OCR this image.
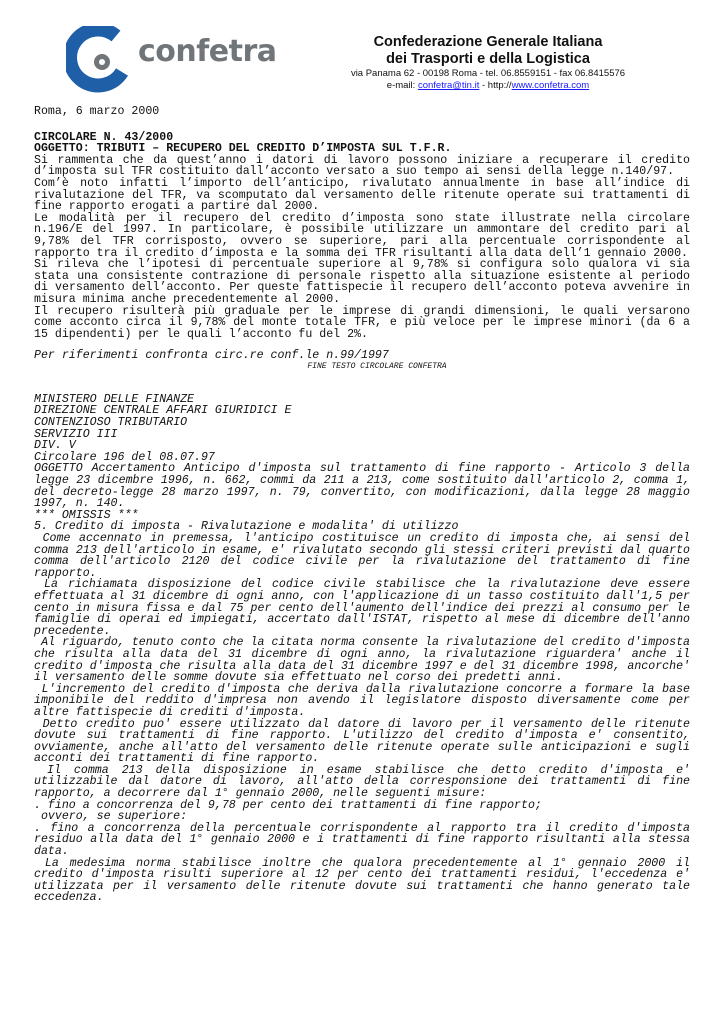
confetra	Confederazione Generale Italiana
dei Trasporti e della Logistica
via Panama 62 - 00198 Roma - tel. 06.8559151 - fax 06.8415576
e-mail: confetra@tin.it - http://www.confetra.com

Roma, 6 marzo 2000

CIRCOLARE N. 43/2000

OGGETTO: TRIBUTI – RECUPERO DEL CREDITO D’IMPOSTA SUL T.F.R.

Si rammenta che da quest’anno i datori di lavoro possono iniziare a recuperare il credito d’imposta sul TFR costituito dall’acconto versato a suo tempo ai sensi della legge n.140/97.

Com’è noto infatti l’importo dell’anticipo, rivalutato annualmente in base all’indice di rivalutazione del TFR, va scomputato dal versamento delle ritenute operate sui trattamenti di fine rapporto erogati a partire dal 2000.

Le modalità per il recupero del credito d’imposta sono state illustrate nella circolare n.196/E del 1997. In particolare, è possibile utilizzare un ammontare del credito pari al 9,78% del TFR corrisposto, ovvero se superiore, pari alla percentuale corrispondente al rapporto tra il credito d’imposta e la somma dei TFR risultanti alla data dell’1 gennaio 2000.

Si rileva che l’ipotesi di percentuale superiore al 9,78% si configura solo qualora vi sia stata una consistente contrazione di personale rispetto alla situazione esistente al periodo di versamento dell’acconto. Per queste fattispecie il recupero dell’acconto poteva avvenire in misura minima anche precedentemente al 2000.

Il recupero risulterà più graduale per le imprese di grandi dimensioni, le quali versarono come acconto circa il 9,78% del monte totale TFR, e più veloce per le imprese minori (da 6 a 15 dipendenti) per le quali l’acconto fu del 2%.

Per riferimenti confronta circ.re conf.le n.99/1997

FINE TESTO CIRCOLARE CONFETRA

MINISTERO DELLE FINANZE

DIREZIONE CENTRALE AFFARI GIURIDICI E

CONTENZIOSO TRIBUTARIO

SERVIZIO III

DIV. V

Circolare 196 del 08.07.97

OGGETTO Accertamento Anticipo d'imposta sul trattamento di fine rapporto - Articolo 3 della legge 23 dicembre 1996, n. 662, commi da 211 a 213, come sostituito dall'articolo 2, comma 1, del decreto-legge 28 marzo 1997, n. 79, convertito, con modificazioni, dalla legge 28 maggio 1997, n. 140.

*** OMISSIS ***

5. Credito di imposta - Rivalutazione e modalita' di utilizzo

Come accennato in premessa, l'anticipo costituisce un credito di imposta che, ai sensi del comma 213 dell'articolo in esame, e' rivalutato secondo gli stessi criteri previsti dal quarto comma dell'articolo 2120 del codice civile per la rivalutazione del trattamento di fine rapporto.

La richiamata disposizione del codice civile stabilisce che la rivalutazione deve essere effettuata al 31 dicembre di ogni anno, con l'applicazione di un tasso costituito dall'1,5 per cento in misura fissa e dal 75 per cento dell'aumento dell'indice dei prezzi al consumo per le famiglie di operai ed impiegati, accertato dall'ISTAT, rispetto al mese di dicembre dell'anno precedente.

Al riguardo, tenuto conto che la citata norma consente la rivalutazione del credito d'imposta che risulta alla data del 31 dicembre di ogni anno, la rivalutazione riguardera' anche il credito d'imposta che risulta alla data del 31 dicembre 1997 e del 31 dicembre 1998, ancorche' il versamento delle somme dovute sia effettuato nel corso dei predetti anni.

L'incremento del credito d'imposta che deriva dalla rivalutazione concorre a formare la base imponibile del reddito d'impresa non avendo il legislatore disposto diversamente come per altre fattispecie di crediti d'imposta.

Detto credito puo' essere utilizzato dal datore di lavoro per il versamento delle ritenute dovute sui trattamenti di fine rapporto. L'utilizzo del credito d'imposta e' consentito, ovviamente, anche all'atto del versamento delle ritenute operate sulle anticipazioni e sugli acconti dei trattamenti di fine rapporto.

Il comma 213 della disposizione in esame stabilisce che detto credito d'imposta e' utilizzabile dal datore di lavoro, all'atto della corresponsione dei trattamenti di fine rapporto, a decorrere dal 1° gennaio 2000, nelle seguenti misure:

. fino a concorrenza del 9,78 per cento dei trattamenti di fine rapporto;

ovvero, se superiore:

. fino a concorrenza della percentuale corrispondente al rapporto tra il credito d'imposta residuo alla data del 1° gennaio 2000 e i trattamenti di fine rapporto risultanti alla stessa data.

La medesima norma stabilisce inoltre che qualora precedentemente al 1° gennaio 2000 il credito d'imposta risulti superiore al 12 per cento dei trattamenti residui, l'eccedenza e' utilizzata per il versamento delle ritenute dovute sui trattamenti che hanno generato tale eccedenza.
